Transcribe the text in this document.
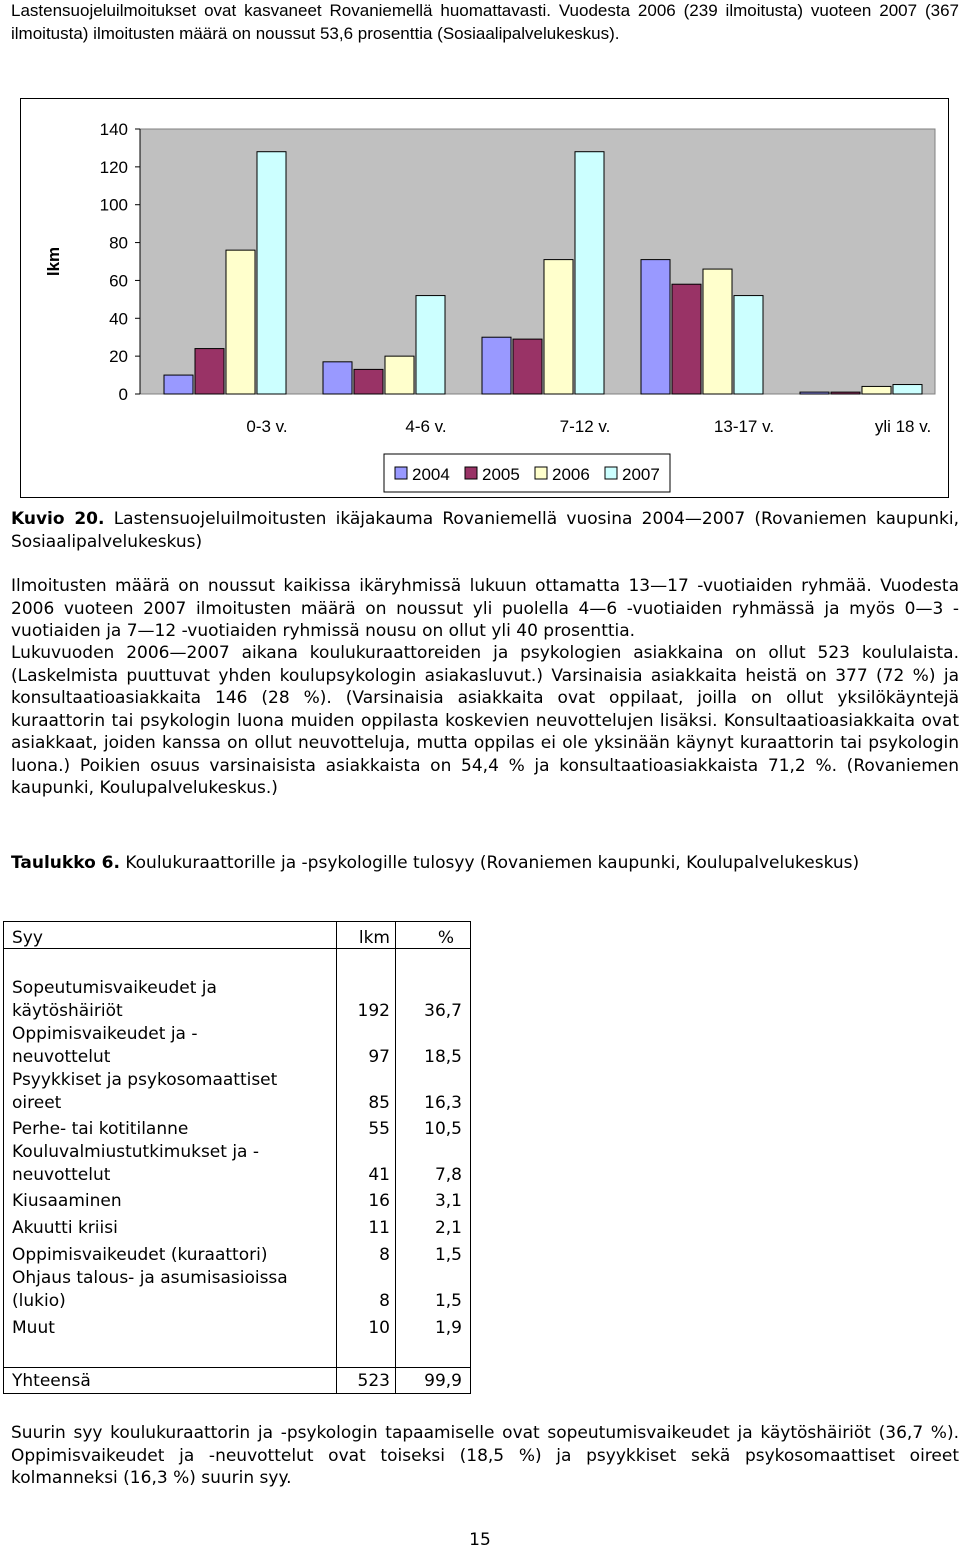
Lastensuojeluilmoitukset ovat kasvaneet Rovaniemellä huomattavasti. Vuodesta 2006 (239 ilmoitusta) vuoteen 2007 (367 ilmoitusta) ilmoitusten määrä on noussut 53,6 prosenttia (Sosiaalipalvelukeskus).

0
20
40
60
80
100
120
140
lkm
0-3 v.	4-6 v.	7-12 v.	13-17 v.	yli 18 v.
2004 2005 2006 2007

Kuvio 20. Lastensuojeluilmoitusten ikäjakauma Rovaniemellä vuosina 2004—2007 (Rovaniemen kaupunki, Sosiaalipalvelukeskus)

Ilmoitusten määrä on noussut kaikissa ikäryhmissä lukuun ottamatta 13—17 -vuotiaiden ryhmää. Vuodesta 2006 vuoteen 2007 ilmoitusten määrä on noussut yli puolella 4—6 -vuotiaiden ryhmässä ja myös 0—3 -vuotiaiden ja 7—12 -vuotiaiden ryhmissä nousu on ollut yli 40 prosenttia.

Lukuvuoden 2006—2007 aikana koulukuraattoreiden ja psykologien asiakkaina on ollut 523 koululaista. (Laskelmista puuttuvat yhden koulupsykologin asiakasluvut.) Varsinaisia asiakkaita heistä on 377 (72 %) ja konsultaatioasiakkaita 146 (28 %). (Varsinaisia asiakkaita ovat oppilaat, joilla on ollut yksilökäyntejä kuraattorin tai psykologin luona muiden oppilasta koskevien neuvottelujen lisäksi. Konsultaatioasiakkaita ovat asiakkaat, joiden kanssa on ollut neuvotteluja, mutta oppilas ei ole yksinään käynyt kuraattorin tai psykologin luona.) Poikien osuus varsinaisista asiakkaista on 54,4 % ja konsultaatioasiakkaista 71,2 %. (Rovaniemen kaupunki, Koulupalvelukeskus.)

Taulukko 6. Koulukuraattorille ja -psykologille tulosyy (Rovaniemen kaupunki, Koulupalvelukeskus)

Syy	lkm	%
Sopeutumisvaikeudet ja käytöshäiriöt	192 36,7
Oppimisvaikeudet ja -neuvottelut	97 18,5
Psyykkiset ja psykosomaattiset oireet	85 16,3
Perhe- tai kotitilanne	55 10,5
Kouluvalmiustutkimukset ja -neuvottelut	41	7,8
Kiusaaminen	16	3,1
Akuutti kriisi	11	2,1
Oppimisvaikeudet (kuraattori)	8	1,5
Ohjaus talous- ja asumisasioissa (lukio)	8	1,5
Muut	10	1,9
Yhteensä	523 99,9

Suurin syy koulukuraattorin ja -psykologin tapaamiselle ovat sopeutumisvaikeudet ja käytöshäiriöt (36,7 %). Oppimisvaikeudet ja -neuvottelut ovat toiseksi (18,5 %) ja psyykkiset sekä psykosomaattiset oireet kolmanneksi (16,3 %) suurin syy.

15
